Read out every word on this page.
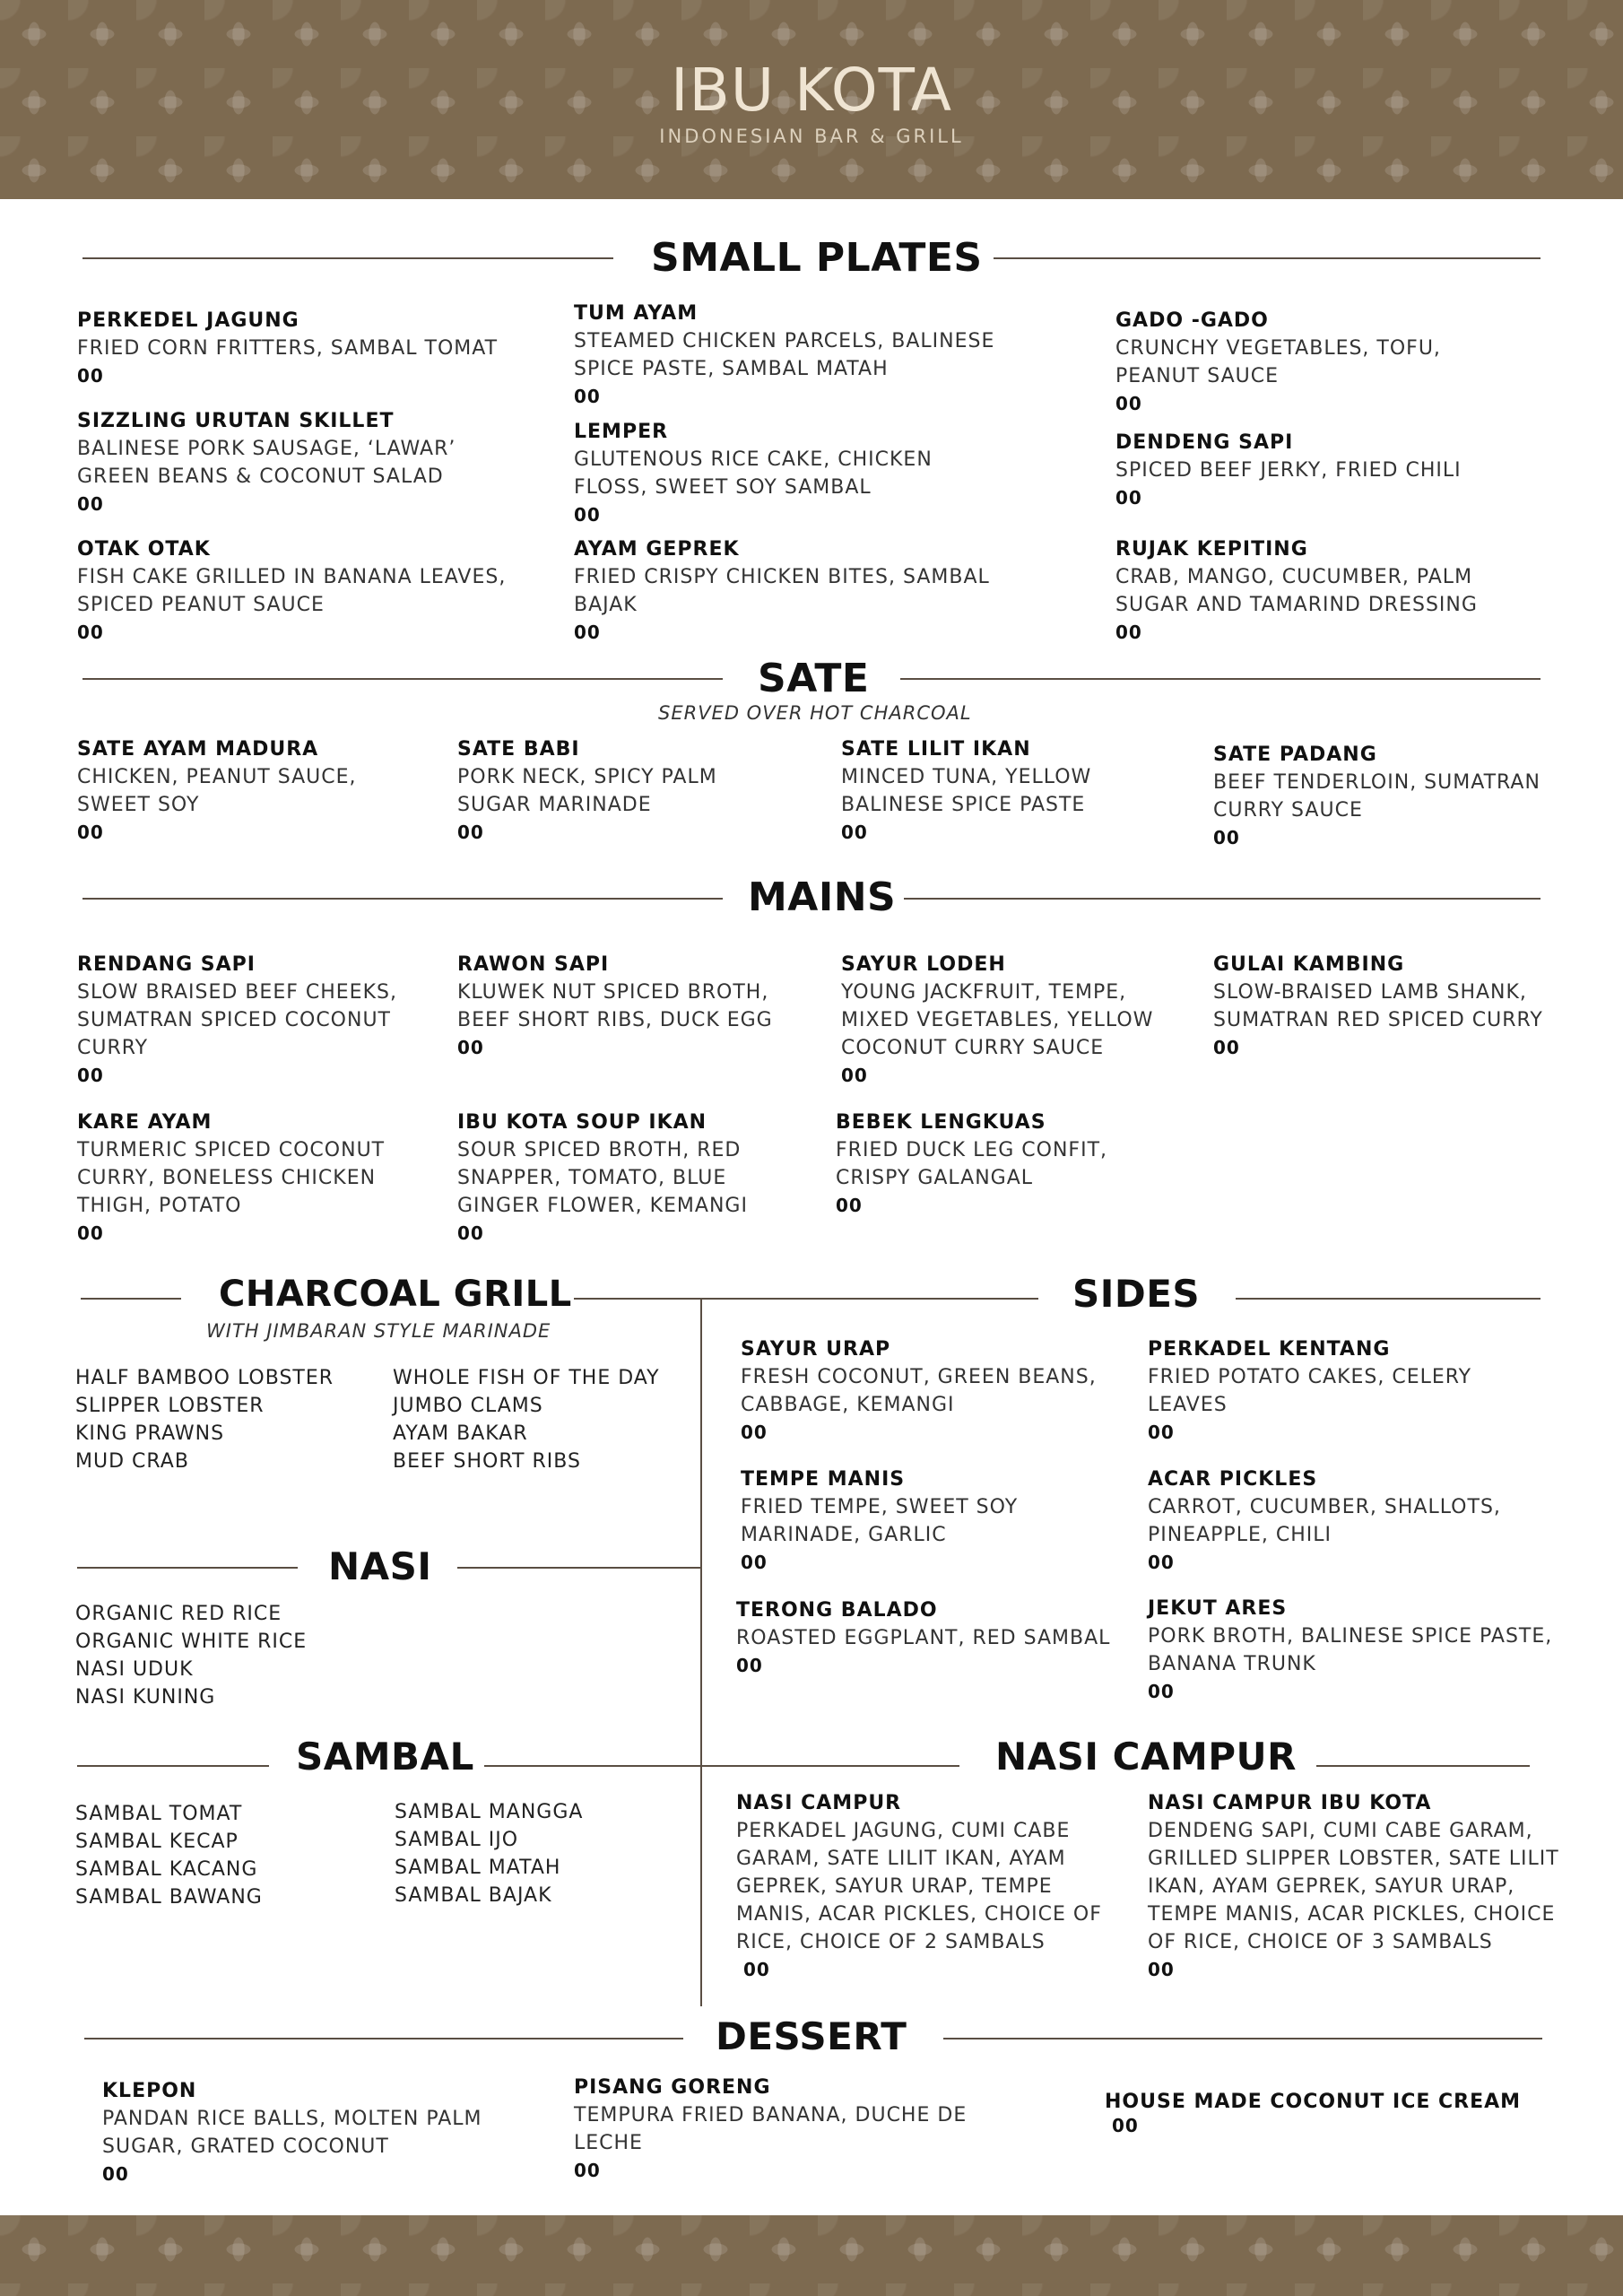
IBU KOTA
INDONESIAN BAR & GRILL
SMALL PLATES
PERKEDEL JAGUNG
FRIED CORN FRITTERS, SAMBAL TOMAT
00
SIZZLING URUTAN SKILLET
BALINESE PORK SAUSAGE, ‘LAWAR’ GREEN BEANS & COCONUT SALAD
00
OTAK OTAK
FISH CAKE GRILLED IN BANANA LEAVES, SPICED PEANUT SAUCE
00
TUM AYAM
STEAMED CHICKEN PARCELS, BALINESE SPICE PASTE, SAMBAL MATAH
00
LEMPER
GLUTENOUS RICE CAKE, CHICKEN FLOSS, SWEET SOY SAMBAL
00
AYAM GEPREK
FRIED CRISPY CHICKEN BITES, SAMBAL BAJAK
00
GADO -GADO
CRUNCHY VEGETABLES, TOFU, PEANUT SAUCE
00
DENDENG SAPI
SPICED BEEF JERKY, FRIED CHILI
00
RUJAK KEPITING
CRAB, MANGO, CUCUMBER, PALM SUGAR AND TAMARIND DRESSING
00
SATE
SERVED OVER HOT CHARCOAL
SATE AYAM MADURA
CHICKEN, PEANUT SAUCE, SWEET SOY
00
SATE BABI
PORK NECK, SPICY PALM SUGAR MARINADE
00
SATE LILIT IKAN
MINCED TUNA, YELLOW BALINESE SPICE PASTE
00
SATE PADANG
BEEF TENDERLOIN, SUMATRAN CURRY SAUCE
00
MAINS
RENDANG SAPI
SLOW BRAISED BEEF CHEEKS, SUMATRAN SPICED COCONUT CURRY
00
RAWON SAPI
KLUWEK NUT SPICED BROTH, BEEF SHORT RIBS, DUCK EGG
00
SAYUR LODEH
YOUNG JACKFRUIT, TEMPE, MIXED VEGETABLES, YELLOW COCONUT CURRY SAUCE
00
GULAI KAMBING
SLOW-BRAISED LAMB SHANK, SUMATRAN RED SPICED CURRY
00
KARE AYAM
TURMERIC SPICED COCONUT CURRY, BONELESS CHICKEN THIGH, POTATO
00
IBU KOTA SOUP IKAN
SOUR SPICED BROTH, RED SNAPPER, TOMATO, BLUE GINGER FLOWER, KEMANGI
00
BEBEK LENGKUAS
FRIED DUCK LEG CONFIT, CRISPY GALANGAL
00
CHARCOAL GRILL
WITH JIMBARAN STYLE MARINADE
HALF BAMBOO LOBSTER
SLIPPER LOBSTER
KING PRAWNS
MUD CRAB
WHOLE FISH OF THE DAY
JUMBO CLAMS
AYAM BAKAR
BEEF SHORT RIBS
NASI
ORGANIC RED RICE
ORGANIC WHITE RICE
NASI UDUK
NASI KUNING
SAMBAL
SAMBAL TOMAT
SAMBAL KECAP
SAMBAL KACANG
SAMBAL BAWANG
SAMBAL MANGGA
SAMBAL IJO
SAMBAL MATAH
SAMBAL BAJAK
SIDES
SAYUR URAP
FRESH COCONUT, GREEN BEANS, CABBAGE, KEMANGI
00
PERKADEL KENTANG
FRIED POTATO CAKES, CELERY LEAVES
00
TEMPE MANIS
FRIED TEMPE, SWEET SOY MARINADE, GARLIC
00
ACAR PICKLES
CARROT, CUCUMBER, SHALLOTS, PINEAPPLE, CHILI
00
TERONG BALADO
ROASTED EGGPLANT, RED SAMBAL
00
JEKUT ARES
PORK BROTH, BALINESE SPICE PASTE, BANANA TRUNK
00
NASI CAMPUR
NASI CAMPUR
PERKADEL JAGUNG, CUMI CABE GARAM, SATE LILIT IKAN, AYAM GEPREK, SAYUR URAP, TEMPE MANIS, ACAR PICKLES, CHOICE OF RICE, CHOICE OF 2 SAMBALS
00
NASI CAMPUR IBU KOTA
DENDENG SAPI, CUMI CABE GARAM, GRILLED SLIPPER LOBSTER, SATE LILIT IKAN, AYAM GEPREK, SAYUR URAP, TEMPE MANIS, ACAR PICKLES, CHOICE OF RICE, CHOICE OF 3 SAMBALS
00
DESSERT
KLEPON
PANDAN RICE BALLS, MOLTEN PALM SUGAR, GRATED COCONUT
00
PISANG GORENG
TEMPURA FRIED BANANA, DUCHE DE LECHE
00
HOUSE MADE COCONUT ICE CREAM
00
